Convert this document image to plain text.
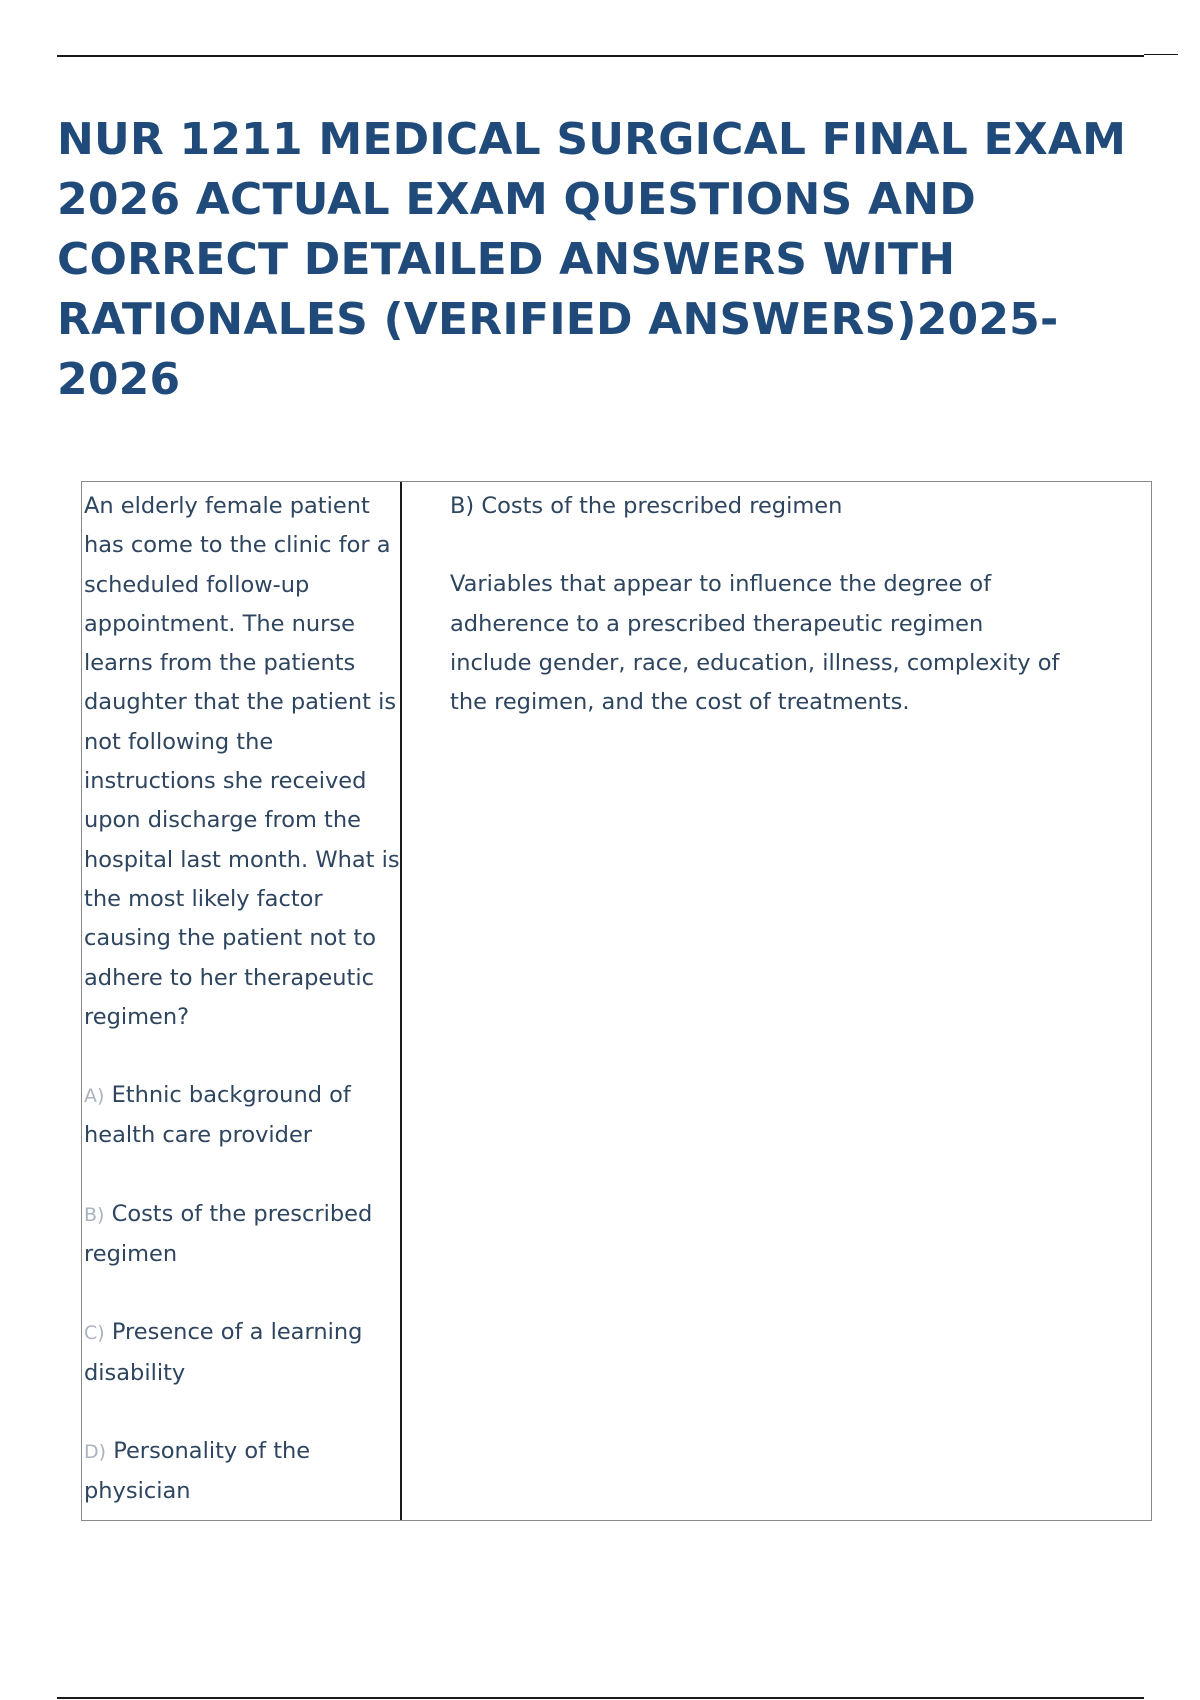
NUR 1211 MEDICAL SURGICAL FINAL EXAM 2026 ACTUAL EXAM QUESTIONS AND CORRECT DETAILED ANSWERS WITH RATIONALES (VERIFIED ANSWERS)2025-2026

An elderly female patient has come to the clinic for a scheduled follow-up appointment. The nurse learns from the patients daughter that the patient is not following the instructions she received upon discharge from the hospital last month. What is the most likely factor causing the patient not to adhere to her therapeutic regimen?

A) Ethnic background of health care provider

B) Costs of the prescribed regimen

C) Presence of a learning disability

D) Personality of the physician

B) Costs of the prescribed regimen

Variables that appear to influence the degree of adherence to a prescribed therapeutic regimen include gender, race, education, illness, complexity of the regimen, and the cost of treatments.
